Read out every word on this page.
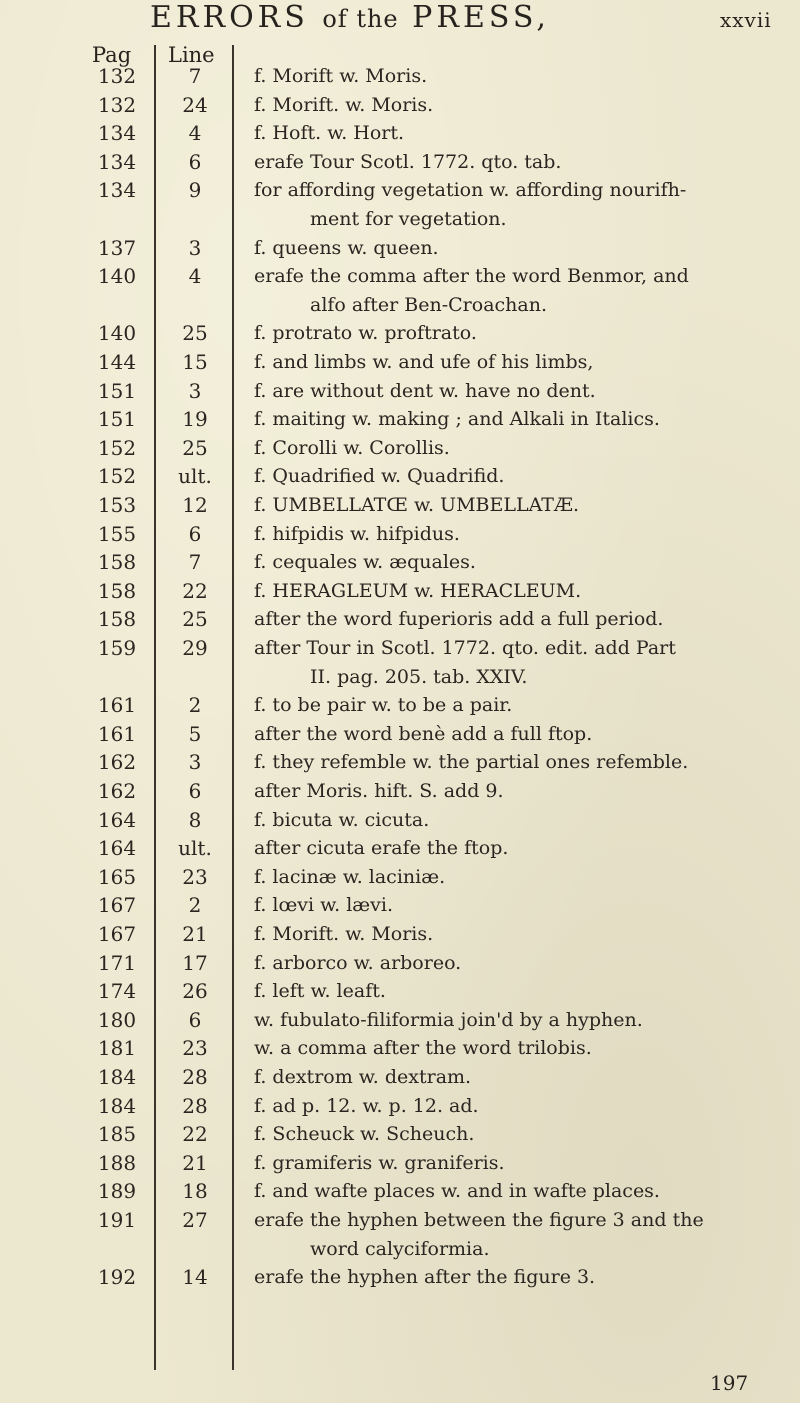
ERRORS of the PRESS,	xxvii
Pag Line
132	7	f. Morift w. Moris.
132	24	f. Morift. w. Moris.
134	4	f. Hoft. w. Hort.
134	6	erafe Tour Scotl. 1772. qto. tab.
134	9	for affording vegetation w. affording nourifh-
ment for vegetation.
137	3	f. queens w. queen.
140	4	erafe the comma after the word Benmor, and
alfo after Ben-Croachan.
140	25	f. protrato w. proftrato.
144	15	f. and limbs w. and ufe of his limbs,
151	3	f. are without dent w. have no dent.
151	19	f. maiting w. making ; and Alkali in Italics.
152	25	f. Corolli w. Corollis.
152	ult.	f. Quadrified w. Quadrifid.
153	12	f. UMBELLATŒ w. UMBELLATÆ.
155	6	f. hifpidis w. hifpidus.
158	7	f. cequales w. æquales.
158	22	f. HERAGLEUM w. HERACLEUM.
158	25	after the word fuperioris add a full period.
159	29	after Tour in Scotl. 1772. qto. edit. add Part
II. pag. 205. tab. XXIV.
161	2	f. to be pair w. to be a pair.
161	5	after the word benè add a full ftop.
162	3	f. they refemble w. the partial ones refemble.
162	6	after Moris. hift. S. add 9.
164	8	f. bicuta w. cicuta.
164	ult.	after cicuta erafe the ftop.
165	23	f. lacinæ w. laciniæ.
167	2	f. lœvi w. lævi.
167	21	f. Morift. w. Moris.
171	17	f. arborco w. arboreo.
174	26	f. left w. leaft.
180	6	w. fubulato-filiformia join'd by a hyphen.
181	23	w. a comma after the word trilobis.
184	28	f. dextrom w. dextram.
184	28	f. ad p. 12. w. p. 12. ad.
185	22	f. Scheuck w. Scheuch.
188	21	f. gramiferis w. graniferis.
189	18	f. and wafte places w. and in wafte places.
191	27	erafe the hyphen between the figure 3 and the
word calyciformia.
192	14	erafe the hyphen after the figure 3.
197
